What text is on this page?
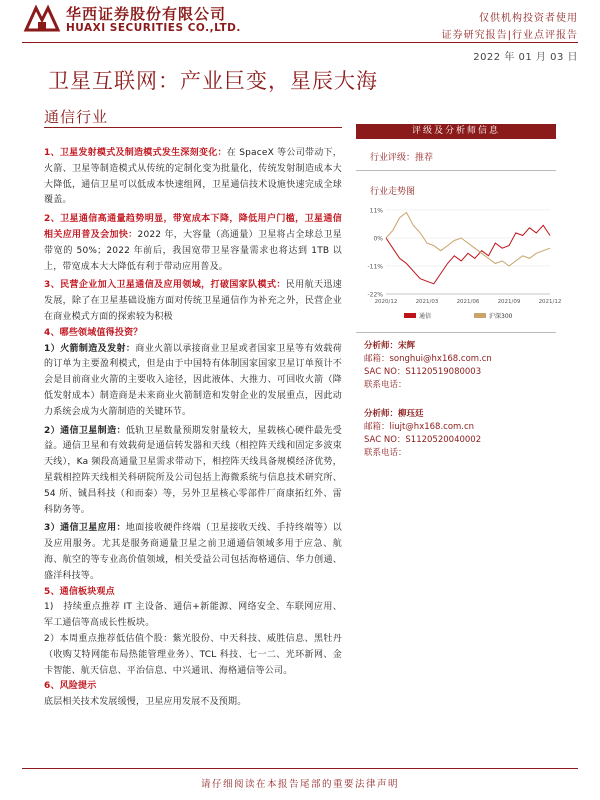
华西证券股份有限公司
HUAXI SECURITIES CO.,LTD.
仅供机构投资者使用
证券研究报告|行业点评报告
2022 年 01 月 03 日
卫星互联网：产业巨变，星辰大海
通信行业

1、卫星发射模式及制造模式发生深刻变化：在 SpaceX 等公司带动下，火箭、卫星等制造模式从传统的定制化变为批量化，传统发射制造成本大大降低，通信卫星可以低成本快速组网，卫星通信技术设施快速完成全球覆盖。

2、卫星通信高通量趋势明显，带宽成本下降，降低用户门槛，卫星通信相关应用普及会加快：2022 年，大容量（高通量）卫星将占全球总卫星带宽的 50%；2022 年前后，我国宽带卫星容量需求也将达到 1TB 以上，带宽成本大大降低有利于带动应用普及。

3、民营企业加入卫星通信及应用领域，打破国家队模式：民用航天迅速发展，除了在卫星基础设施方面对传统卫星通信作为补充之外，民营企业在商业模式方面的探索较为积极

4、哪些领域值得投资？

1）火箭制造及发射：商业火箭以承接商业卫星或者国家卫星等有效载荷的订单为主要盈利模式，但是由于中国特有体制国家国家卫星订单预计不会是目前商业火箭的主要收入途径，因此液体、大推力、可回收火箭（降低发射成本）制造商是未来商业火箭制造和发射企业的发展重点，因此动力系统会成为火箭制造的关键环节。

2）通信卫星制造：低轨卫星数量预期发射量较大，星载核心硬件最先受益。通信卫星和有效载荷是通信转发器和天线（相控阵天线和固定多波束天线），Ka 频段高通量卫星需求带动下，相控阵天线具备规模经济优势，星载相控阵天线相关科研院所及公司包括上海微系统与信息技术研究所、54 所、铖昌科技（和而泰）等，另外卫星核心零部件厂商康拓红外、雷科防务等。

3）通信卫星应用：地面接收硬件终端（卫星接收天线、手持终端等）以及应用服务。尤其是服务商通量卫星之前卫通通信领域多用于应急、航海、航空的等专业高价值领域，相关受益公司包括海格通信、华力创通、盛洋科技等。

5、通信板块观点

1)　持续重点推荐 IT 主设备、通信+新能源、网络安全、车联网应用、军工通信等高成长性板块。

2）本周重点推荐低估值个股：紫光股份、中天科技、威胜信息、黑牡丹（收购艾特网能布局热能管理业务）、TCL 科技、七一二、光环新网、金卡智能、航天信息、平治信息、中兴通讯、海格通信等公司。

6、风险提示

底层相关技术发展缓慢，卫星应用发展不及预期。

评级及分析师信息
行业评级：推荐
行业走势图
11%
0%
-11%
-22%
2020/12	2021/03	2021/06	2021/09	2021/12
通信	沪深300
分析师：宋辉
邮箱：songhui@hx168.com.cn
SAC NO：S1120519080003
联系电话：
分析师：柳珏廷
邮箱：liujt@hx168.com.cn
SAC NO：S1120520040002
联系电话：
请仔细阅读在本报告尾部的重要法律声明
